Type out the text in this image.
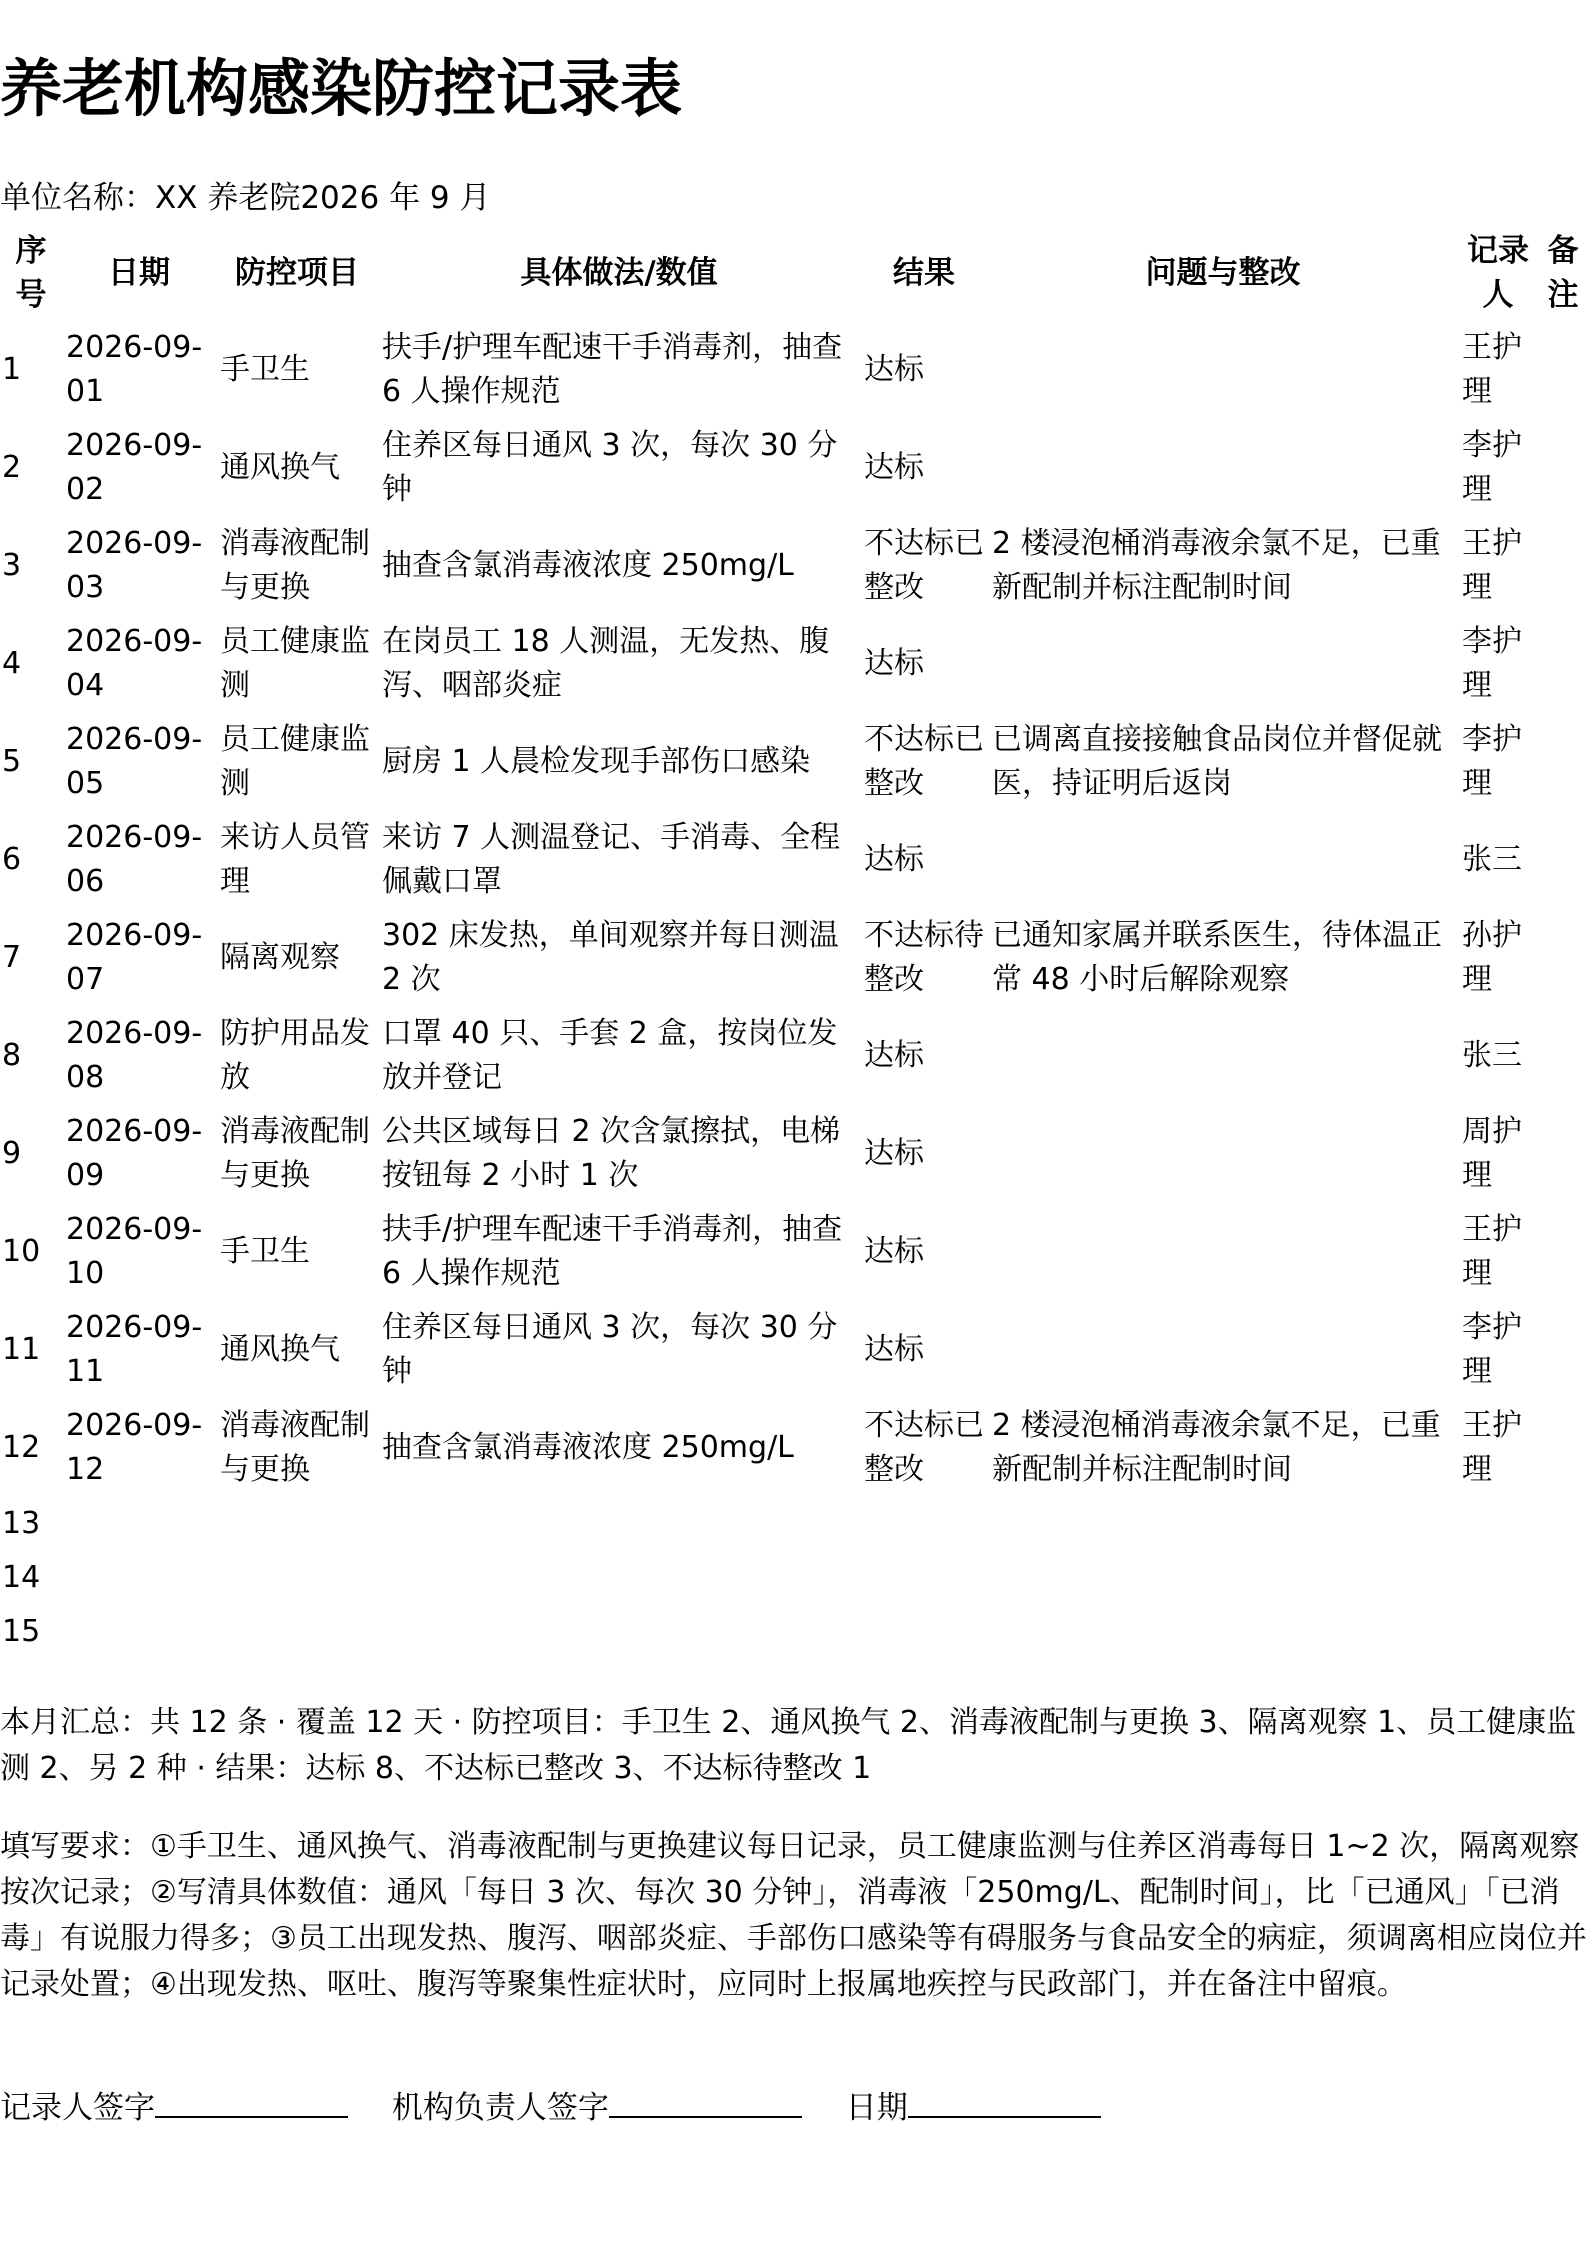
养老机构感染防控记录表
单位名称：XX 养老院2026 年 9 月
序号	日期	防控项目	具体做法/数值	结果	问题与整改	记录人	备注
1	2026-09-01	手卫生	扶手/护理车配速干手消毒剂，抽查 6 人操作规范	达标		王护理	
2	2026-09-02	通风换气	住养区每日通风 3 次，每次 30 分钟	达标		李护理	
3	2026-09-03	消毒液配制与更换	抽查含氯消毒液浓度 250mg/L	不达标已整改	2 楼浸泡桶消毒液余氯不足，已重新配制并标注配制时间	王护理	
4	2026-09-04	员工健康监测	在岗员工 18 人测温，无发热、腹泻、咽部炎症	达标		李护理	
5	2026-09-05	员工健康监测	厨房 1 人晨检发现手部伤口感染	不达标已整改	已调离直接接触食品岗位并督促就医，持证明后返岗	李护理	
6	2026-09-06	来访人员管理	来访 7 人测温登记、手消毒、全程佩戴口罩	达标		张三	
7	2026-09-07	隔离观察	302 床发热，单间观察并每日测温 2 次	不达标待整改	已通知家属并联系医生，待体温正常 48 小时后解除观察	孙护理	
8	2026-09-08	防护用品发放	口罩 40 只、手套 2 盒，按岗位发放并登记	达标		张三	
9	2026-09-09	消毒液配制与更换	公共区域每日 2 次含氯擦拭，电梯按钮每 2 小时 1 次	达标		周护理	
10	2026-09-10	手卫生	扶手/护理车配速干手消毒剂，抽查 6 人操作规范	达标		王护理	
11	2026-09-11	通风换气	住养区每日通风 3 次，每次 30 分钟	达标		李护理	
12	2026-09-12	消毒液配制与更换	抽查含氯消毒液浓度 250mg/L	不达标已整改	2 楼浸泡桶消毒液余氯不足，已重新配制并标注配制时间	王护理	
13							
14							
15							
本月汇总：共 12 条 · 覆盖 12 天 · 防控项目：手卫生 2、通风换气 2、消毒液配制与更换 3、隔离观察 1、员工健康监测 2、另 2 种 · 结果：达标 8、不达标已整改 3、不达标待整改 1
填写要求：①手卫生、通风换气、消毒液配制与更换建议每日记录，员工健康监测与住养区消毒每日 1~2 次，隔离观察按次记录；②写清具体数值：通风「每日 3 次、每次 30 分钟」，消毒液「250mg/L、配制时间」，比「已通风」「已消毒」有说服力得多；③员工出现发热、腹泻、咽部炎症、手部伤口感染等有碍服务与食品安全的病症，须调离相应岗位并记录处置；④出现发热、呕吐、腹泻等聚集性症状时，应同时上报属地疾控与民政部门，并在备注中留痕。
记录人签字	机构负责人签字	日期
